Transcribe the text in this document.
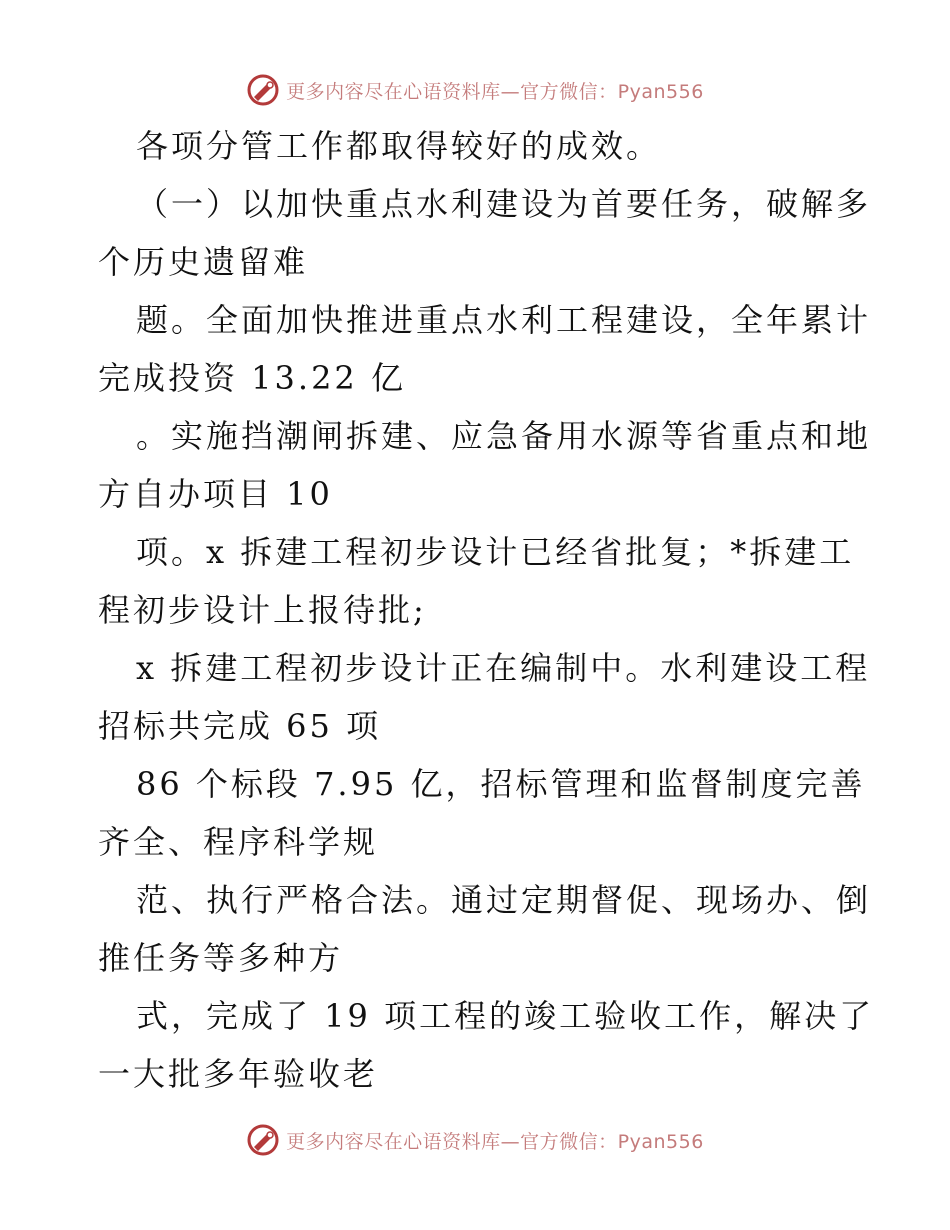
更多内容尽在心语资料库—官方微信：Pyan556
各项分管工作都取得较好的成效。
（一）以加快重点水利建设为首要任务，破解多
个历史遗留难
题。全面加快推进重点水利工程建设，全年累计
完成投资 13.22 亿
。实施挡潮闸拆建、应急备用水源等省重点和地
方自办项目 10
项。x 拆建工程初步设计已经省批复；*拆建工
程初步设计上报待批;
x 拆建工程初步设计正在编制中。水利建设工程
招标共完成 65 项
86 个标段 7.95 亿，招标管理和监督制度完善
齐全、程序科学规
范、执行严格合法。通过定期督促、现场办、倒
推任务等多种方
式，完成了 19 项工程的竣工验收工作，解决了
一大批多年验收老
更多内容尽在心语资料库—官方微信：Pyan556
